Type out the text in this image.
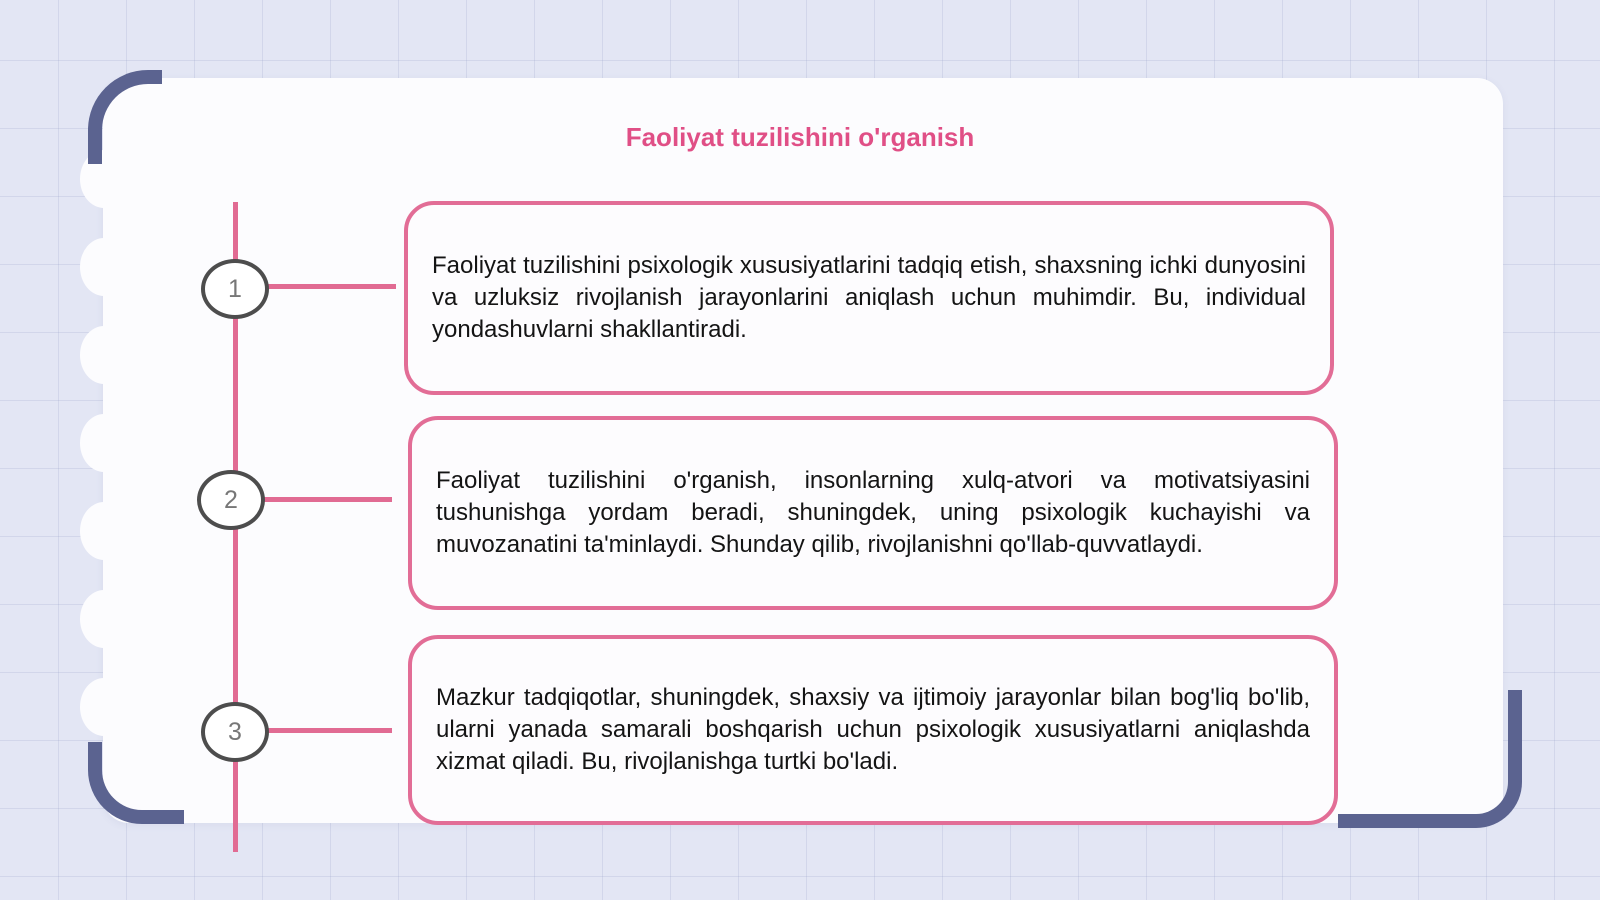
Faoliyat tuzilishini o'rganish
1

Faoliyat tuzilishini psixologik xususiyatlarini tadqiq etish, shaxsning ichki dunyosini va uzluksiz rivojlanish jarayonlarini aniqlash uchun muhimdir. Bu, individual yondashuvlarni shakllantiradi.

2

Faoliyat tuzilishini o'rganish, insonlarning xulq-atvori va motivatsiyasini tushunishga yordam beradi, shuningdek, uning psixologik kuchayishi va muvozanatini ta'minlaydi. Shunday qilib, rivojlanishni qo'llab-quvvatlaydi.

3

Mazkur tadqiqotlar, shuningdek, shaxsiy va ijtimoiy jarayonlar bilan bog'liq bo'lib, ularni yanada samarali boshqarish uchun psixologik xususiyatlarni aniqlashda xizmat qiladi. Bu, rivojlanishga turtki bo'ladi.
